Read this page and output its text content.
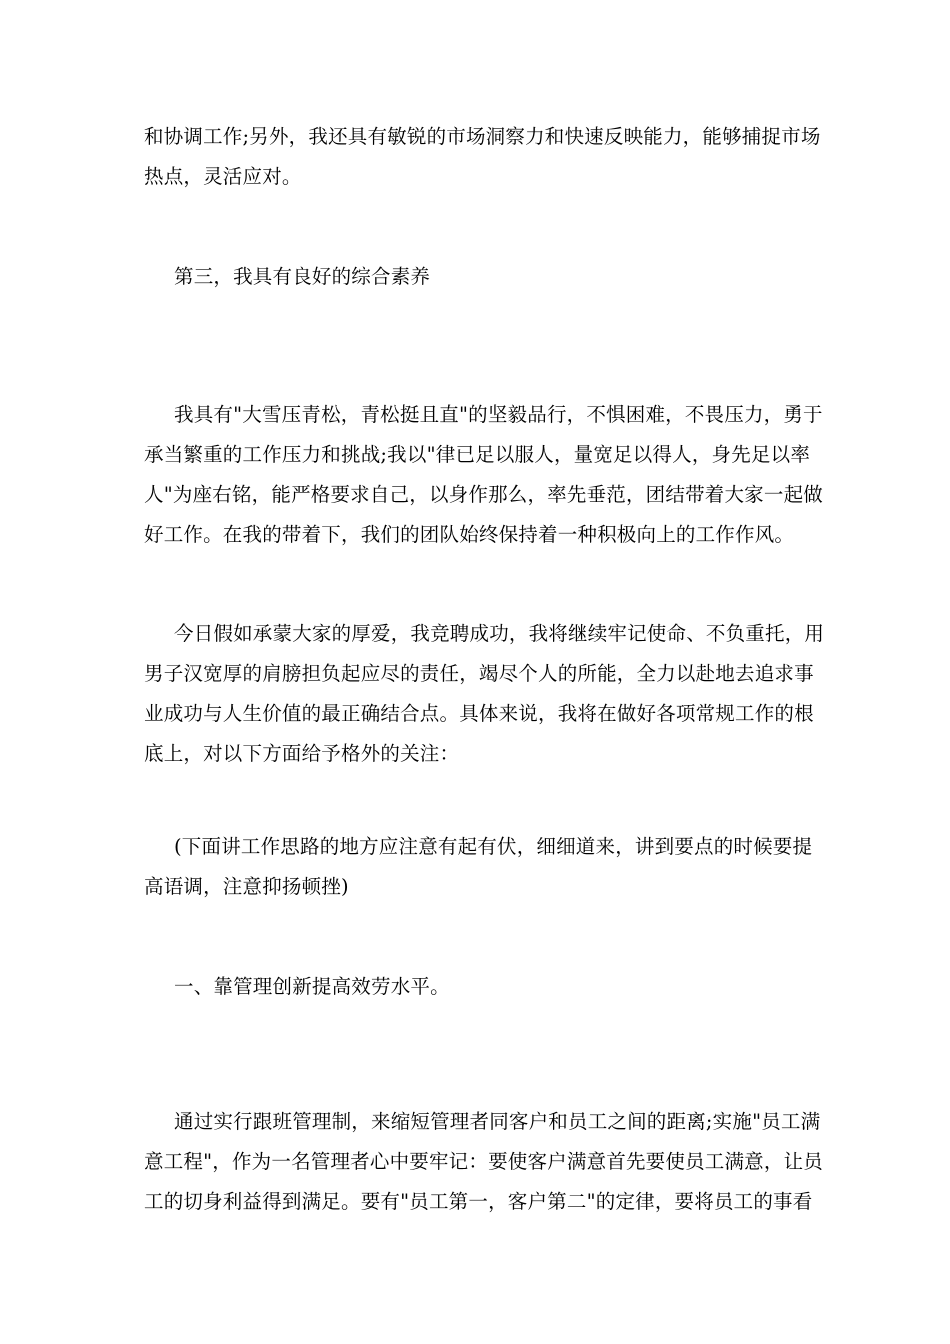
和协调工作;另外，我还具有敏锐的市场洞察力和快速反映能力，能够捕捉市场
热点，灵活应对。
第三，我具有良好的综合素养
我具有"大雪压青松，青松挺且直"的坚毅品行，不惧困难，不畏压力，勇于
承当繁重的工作压力和挑战;我以"律已足以服人，量宽足以得人，身先足以率
人"为座右铭，能严格要求自己，以身作那么，率先垂范，团结带着大家一起做
好工作。在我的带着下，我们的团队始终保持着一种积极向上的工作作风。
今日假如承蒙大家的厚爱，我竞聘成功，我将继续牢记使命、不负重托，用
男子汉宽厚的肩膀担负起应尽的责任，竭尽个人的所能，全力以赴地去追求事
业成功与人生价值的最正确结合点。具体来说，我将在做好各项常规工作的根
底上，对以下方面给予格外的关注：
(下面讲工作思路的地方应注意有起有伏，细细道来，讲到要点的时候要提
高语调，注意抑扬顿挫)
一、靠管理创新提高效劳水平。
通过实行跟班管理制，来缩短管理者同客户和员工之间的距离;实施"员工满
意工程"，作为一名管理者心中要牢记：要使客户满意首先要使员工满意，让员
工的切身利益得到满足。要有"员工第一，客户第二"的定律，要将员工的事看
